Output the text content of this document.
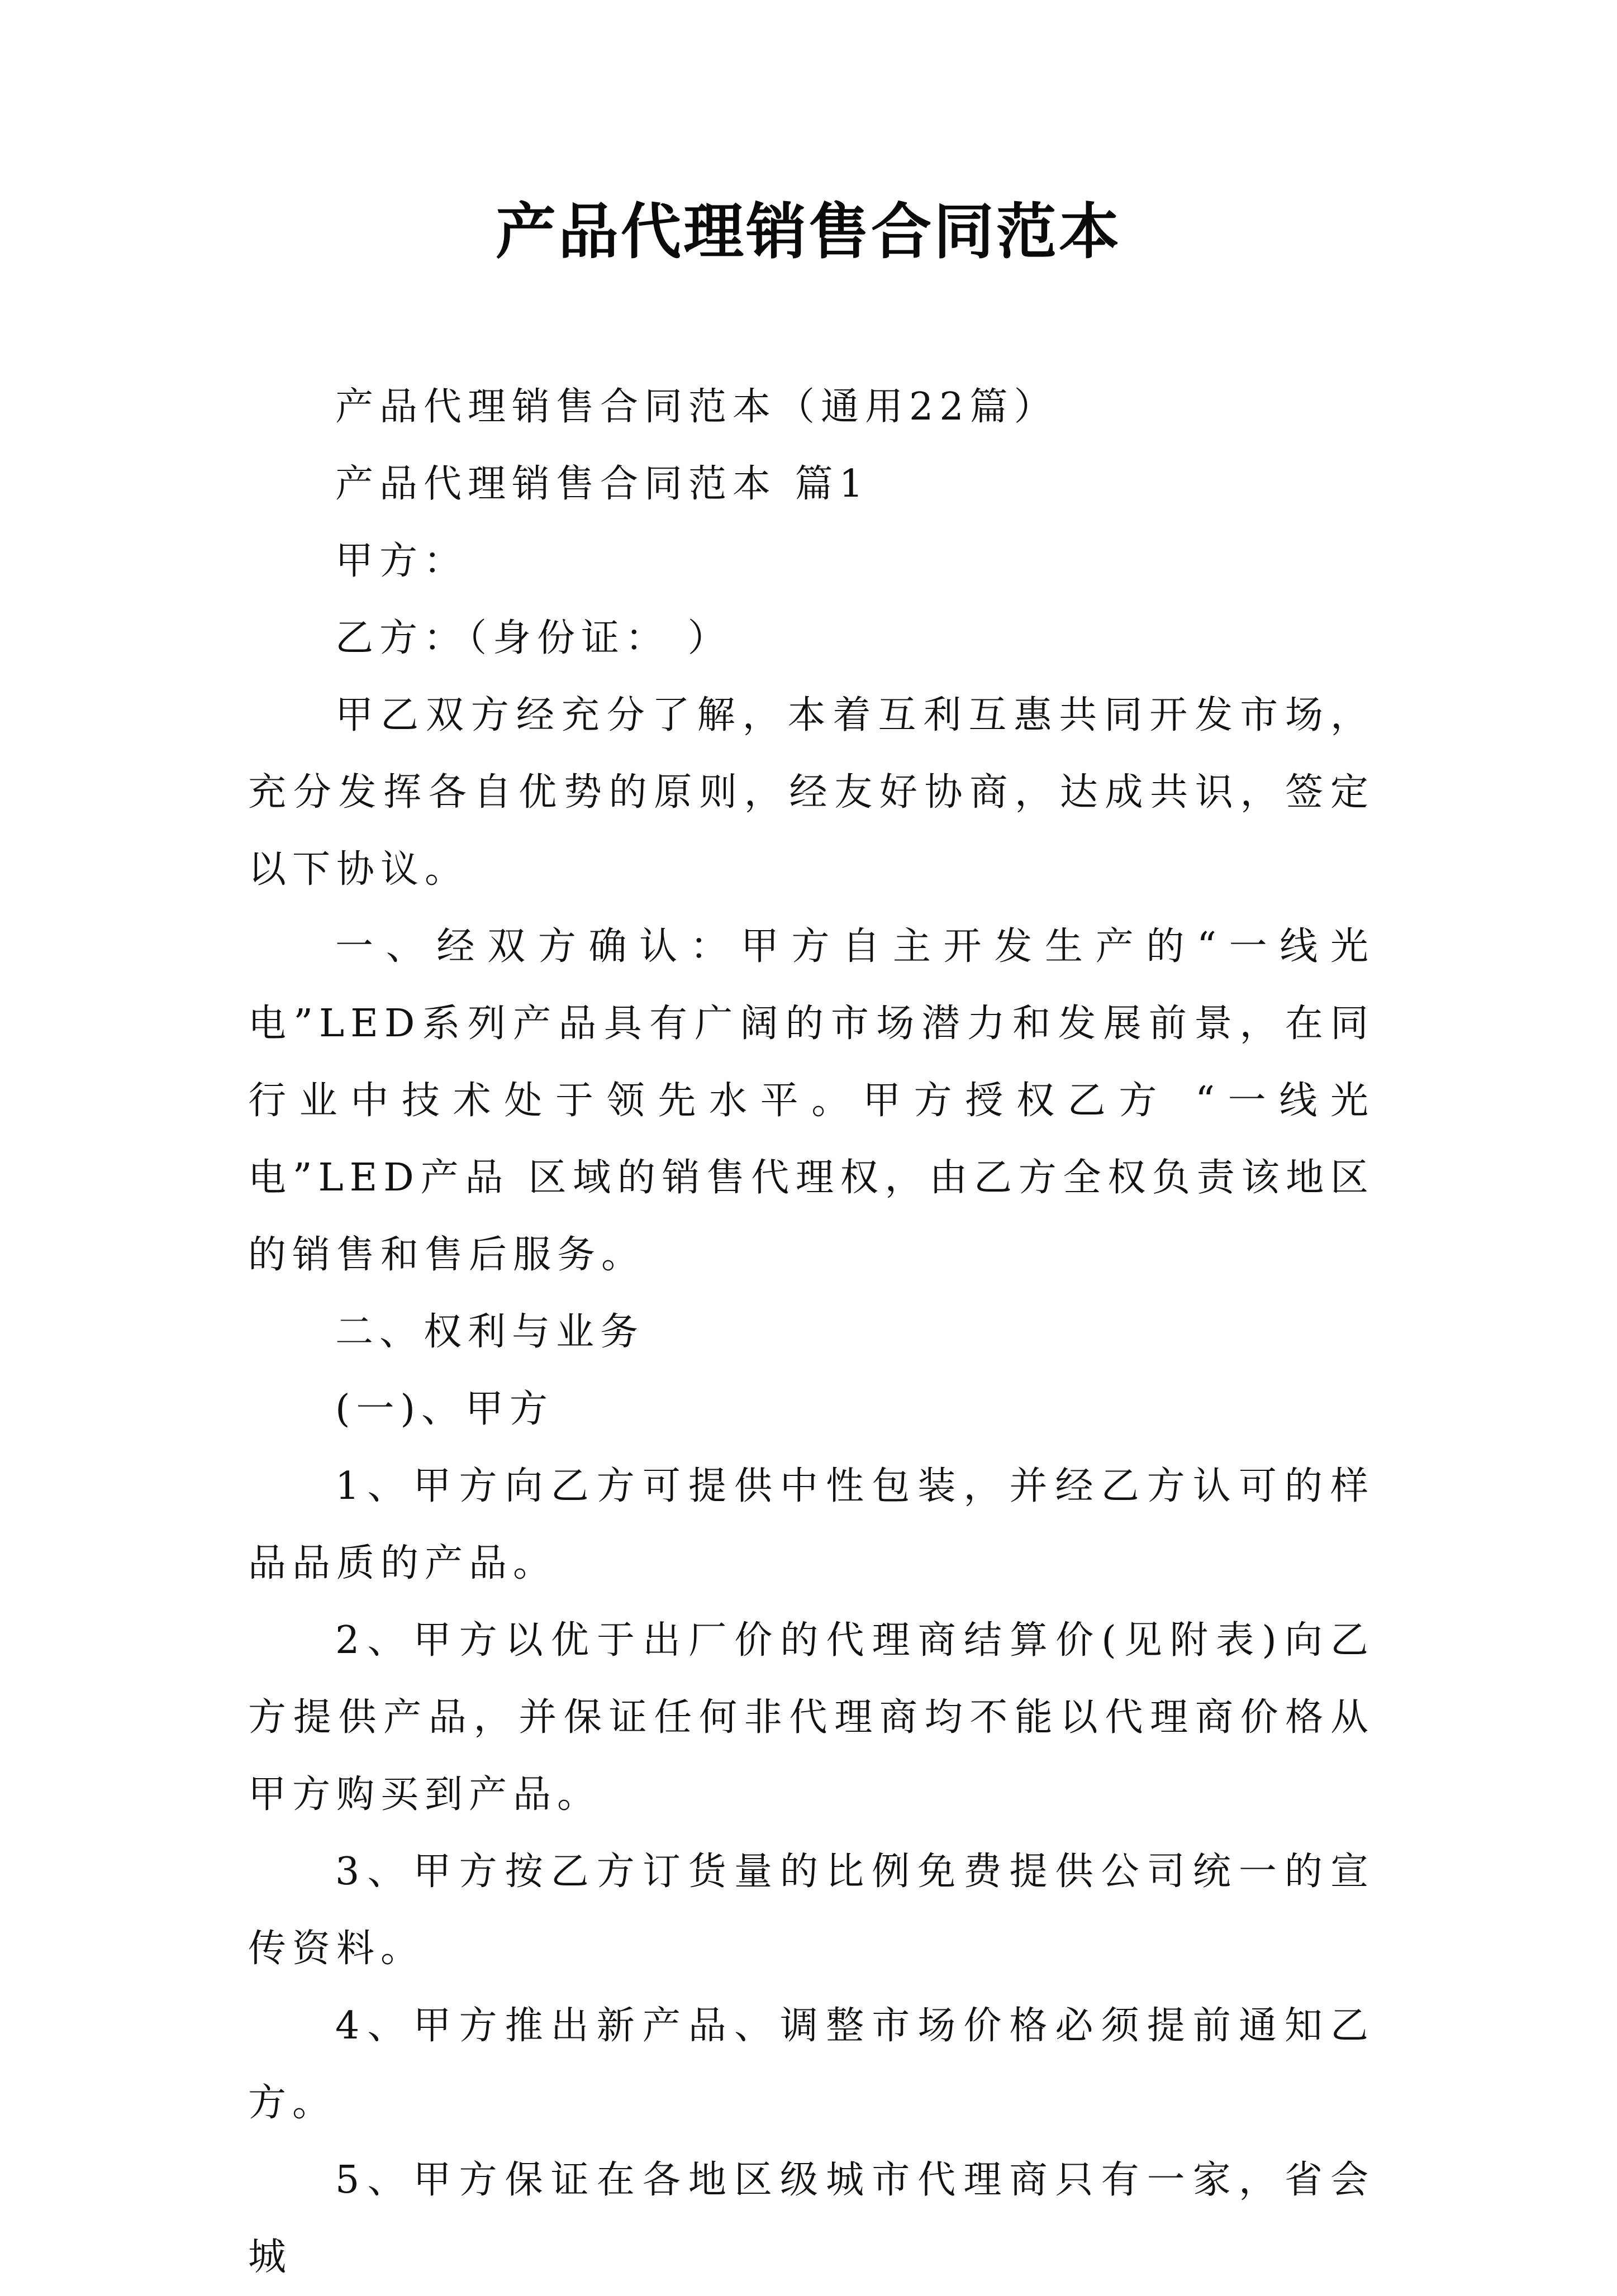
产品代理销售合同范本

产品代理销售合同范本（通用22篇）

产品代理销售合同范本 篇1

甲方：

乙方：（身份证： ）

甲乙双方经充分了解，本着互利互惠共同开发市场，充分发挥各自优势的原则，经友好协商，达成共识，签定以下协议。

一、经双方确认：甲方自主开发生产的“一线光电”LED系列产品具有广阔的市场潜力和发展前景，在同行业中技术处于领先水平。甲方授权乙方 “一线光电”LED产品 区域的销售代理权，由乙方全权负责该地区的销售和售后服务。

二、权利与业务

(一)、甲方

1、甲方向乙方可提供中性包装，并经乙方认可的样品品质的产品。

2、甲方以优于出厂价的代理商结算价(见附表)向乙方提供产品，并保证任何非代理商均不能以代理商价格从甲方购买到产品。

3、甲方按乙方订货量的比例免费提供公司统一的宣传资料。

4、甲方推出新产品、调整市场价格必须提前通知乙方。

5、甲方保证在各地区级城市代理商只有一家，省会城
